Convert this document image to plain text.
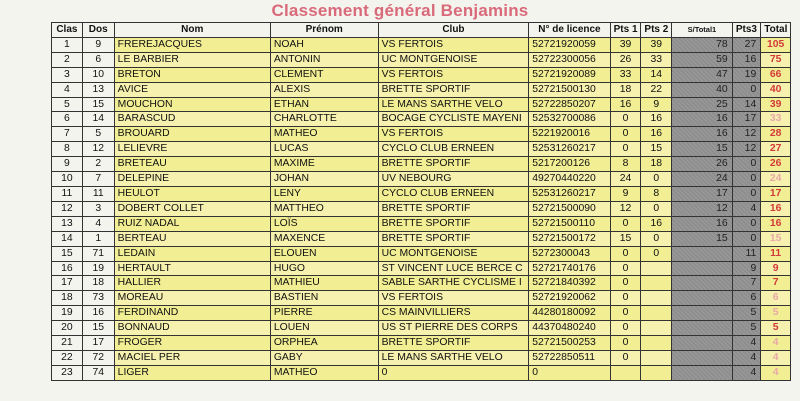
Classement général Benjamins
Clas	Dos	Nom	Prénom	Club	N° de licence	Pts 1	Pts 2	S/Total1	Pts3	Total
1	9	FREREJACQUES	NOAH	VS FERTOIS	52721920059	39	39	78	27	105
2	6	LE BARBIER	ANTONIN	UC MONTGENOISE	52722300056	26	33	59	16	75
3	10	BRETON	CLEMENT	VS FERTOIS	52721920089	33	14	47	19	66
4	13	AVICE	ALEXIS	BRETTE SPORTIF	52721500130	18	22	40	0	40
5	15	MOUCHON	ETHAN	LE MANS SARTHE VELO	52722850207	16	9	25	14	39
6	14	BARASCUD	CHARLOTTE	BOCAGE CYCLISTE MAYENI	52532700086	0	16	16	17	33
7	5	BROUARD	MATHEO	VS FERTOIS	5221920016	0	16	16	12	28
8	12	LELIEVRE	LUCAS	CYCLO CLUB ERNEEN	52531260217	0	15	15	12	27
9	2	BRETEAU	MAXIME	BRETTE SPORTIF	5217200126	8	18	26	0	26
10	7	DELEPINE	JOHAN	UV NEBOURG	49270440220	24	0	24	0	24
11	11	HEULOT	LENY	CYCLO CLUB ERNEEN	52531260217	9	8	17	0	17
12	3	DOBERT COLLET	MATTHEO	BRETTE SPORTIF	52721500090	12	0	12	4	16
13	4	RUIZ NADAL	LOÏS	BRETTE SPORTIF	52721500110	0	16	16	0	16
14	1	BERTEAU	MAXENCE	BRETTE SPORTIF	52721500172	15	0	15	0	15
15	71	LEDAIN	ELOUEN	UC MONTGENOISE	5272300043	0	0		11	11
16	19	HERTAULT	HUGO	ST VINCENT LUCE BERCE C	52721740176	0			9	9
17	18	HALLIER	MATHIEU	SABLE SARTHE CYCLISME I	52721840392	0			7	7
18	73	MOREAU	BASTIEN	VS FERTOIS	52721920062	0			6	6
19	16	FERDINAND	PIERRE	CS MAINVILLIERS	44280180092	0			5	5
20	15	BONNAUD	LOUEN	US ST PIERRE DES CORPS	44370480240	0			5	5
21	17	FROGER	ORPHEA	BRETTE SPORTIF	52721500253	0			4	4
22	72	MACIEL PER	GABY	LE MANS SARTHE VELO	52722850511	0			4	4
23	74	LIGER	MATHEO	0	0				4	4
